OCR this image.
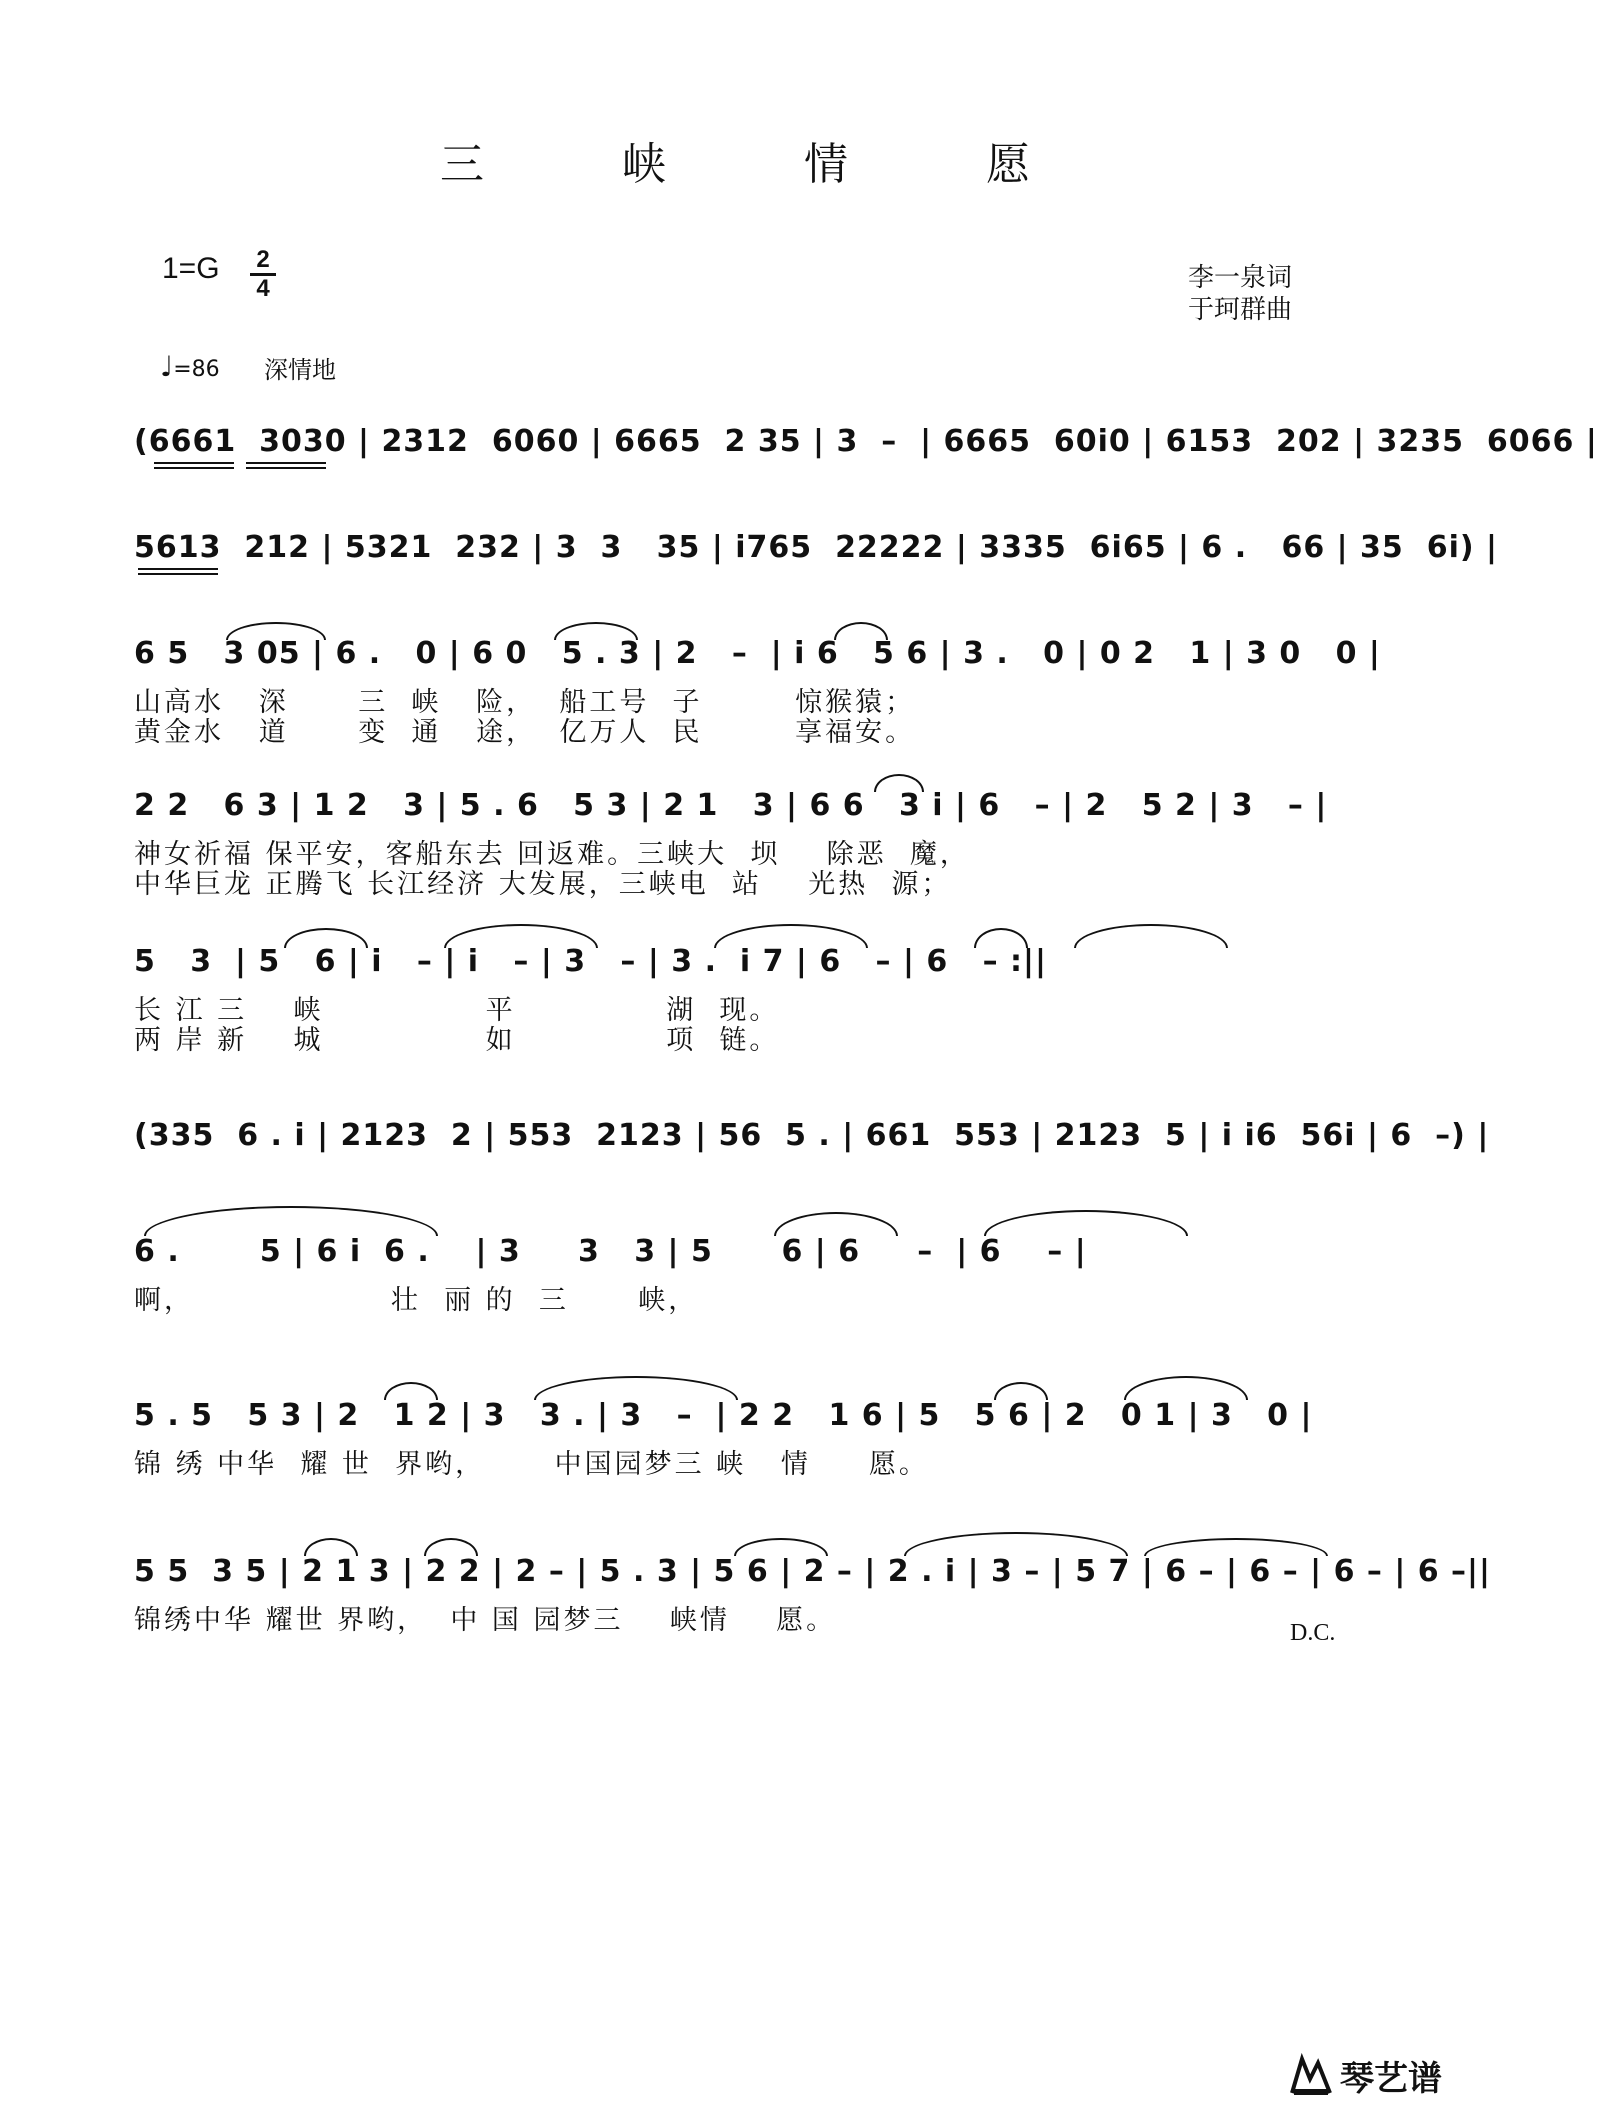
三 峡 情 愿
1=G 2
4	李一泉词
于珂群曲
♩=86 深情地
(6661  3030 | 2312  6060 | 6665  2 35 | 3  –  | 6665  60i0 | 6153  202 | 3235  6066 |
5613  212 | 5321  232 | 3  3   35 | i765  22222 | 3335  6i65 | 6 .   66 | 35  6i) |
6 5   3 05 | 6 .   0 | 6 0   5 . 3 | 2   –  | i 6   5 6 | 3 .   0 | 0 2   1 | 3 0   0 |
山高水   深      三  峡   险，  船工号  子        惊猴猿；
黄金水   道      变  通   途，  亿万人  民        享福安。
2 2   6 3 | 1 2   3 | 5 . 6   5 3 | 2 1   3 | 6 6   3 i | 6   – | 2   5 2 | 3   – |
神女祈福 保平安，客船东去 回返难。三峡大  坝    除恶  魔，
中华巨龙 正腾飞 长江经济 大发展，三峡电  站    光热  源；
5   3  | 5   6 | i   – | i   – | 3   – | 3 .  i 7 | 6   – | 6   – :||
长 江 三    峡              平             湖  现。
两 岸 新    城              如             项  链。
(335  6 . i | 2123  2 | 553  2123 | 56  5 . | 661  553 | 2123  5 | i i6  56i | 6  –) |
6 .       5 | 6 i  6 .    | 3     3   3 | 5      6 | 6     –  | 6    – |
啊，                 壮  丽 的  三      峡，
5 . 5   5 3 | 2   1 2 | 3   3 . | 3   –  | 2 2   1 6 | 5   5 6 | 2   0 1 | 3   0 |
锦 绣 中华  耀 世  界哟，      中国园梦三 峡   情     愿。
5 5  3 5 | 2 1 3 | 2 2 | 2 – | 5 . 3 | 5 6 | 2 – | 2 . i | 3 – | 5 7 | 6 – | 6 – | 6 – | 6 –||
锦绣中华 耀世 界哟，  中 国 园梦三    峡情    愿。	D.C.
琴艺谱
